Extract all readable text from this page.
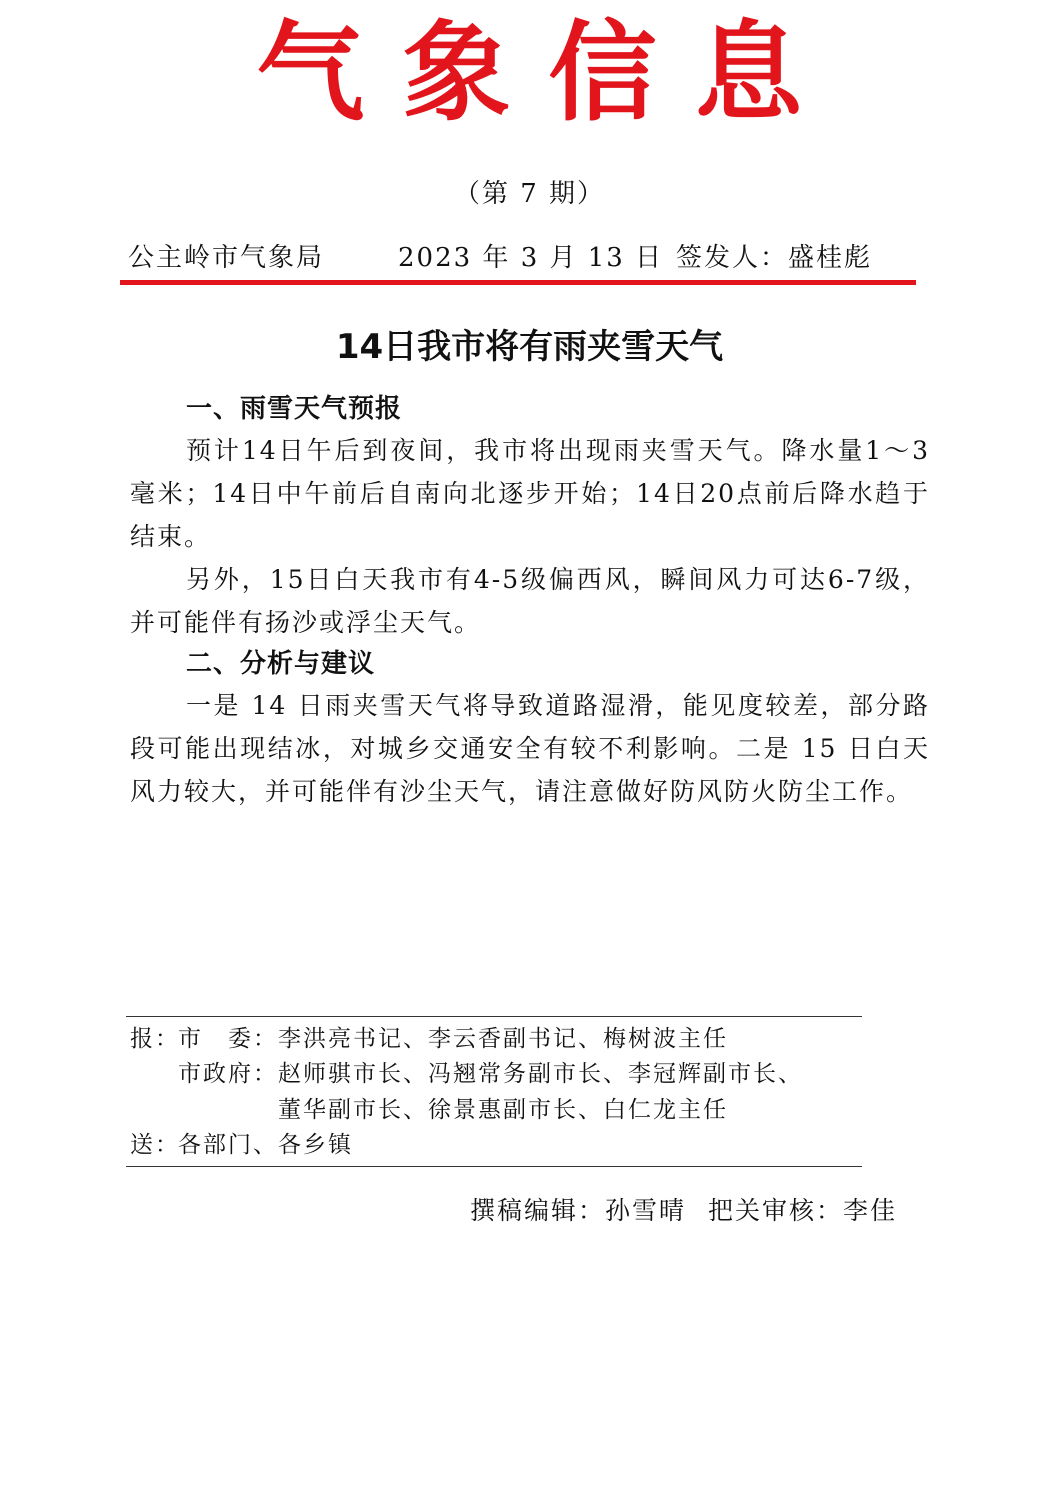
气象信息
（第 7 期）
公主岭市气象局	2023 年 3 月 13 日 签发人：盛桂彪
14日我市将有雨夹雪天气
一、雨雪天气预报
预计14日午后到夜间，我市将出现雨夹雪天气。降水量1～3毫米；14日中午前后自南向北逐步开始；14日20点前后降水趋于结束。
另外，15日白天我市有4-5级偏西风，瞬间风力可达6-7级，并可能伴有扬沙或浮尘天气。
二、分析与建议
一是 14 日雨夹雪天气将导致道路湿滑，能见度较差，部分路段可能出现结冰，对城乡交通安全有较不利影响。二是 15 日白天风力较大，并可能伴有沙尘天气，请注意做好防风防火防尘工作。
报：
市　委： 李洪亮书记、李云香副书记、梅树波主任
市政府： 赵师骐市长、冯翘常务副市长、李冠辉副市长、
董华副市长、徐景惠副市长、白仁龙主任
送：
各部门、各乡镇
撰稿编辑：孙雪晴 把关审核：李佳
